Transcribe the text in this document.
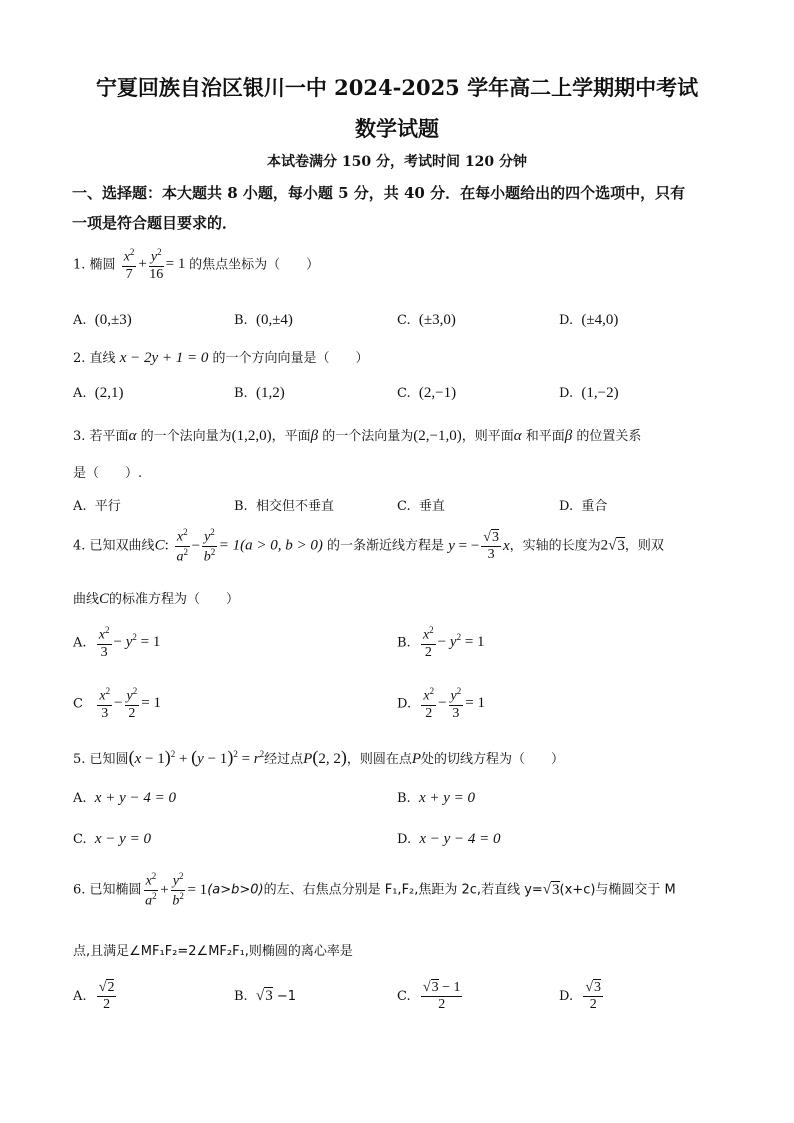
宁夏回族自治区银川一中 2024-2025 学年高二上学期期中考试
数学试题
本试卷满分 150 分，考试时间 120 分钟
一、选择题：本大题共 8 小题，每小题 5 分，共 40 分．在每小题给出的四个选项中，只有
一项是符合题目要求的．
1. 椭圆 $\frac{x^2}{7} + \frac{y^2}{16} = 1$ 的焦点坐标为（　　）
A. (0,±3)	B. (0,±4)	C. (±3,0)	D. (±4,0)
2. 直线 x − 2y + 1 = 0 的一个方向向量是（　　）
A. (2,1)	B. (1,2)	C. (2,−1)	D. (1,−2)
3. 若平面α 的一个法向量为(1,2,0)，平面β 的一个法向量为(2,−1,0)，则平面α 和平面β 的位置关系
是（　　）.
A. 平行	B. 相交但不垂直	C. 垂直	D. 重合
4. 已知双曲线C: $\frac{x^2}{a^2} - \frac{y^2}{b^2} = 1(a > 0$, b > 0) 的一条渐近线方程是 y = − $\frac{√3}{3}$ x，实轴的长度为2√3，则双
曲线C的标准方程为（　　）
A. $\frac{x^2}{3} - y^2 = 1$	B. $\frac{x^2}{2} - y^2 = 1$
C $\frac{x^2}{3} - \frac{y^2}{2} = 1$	D. $\frac{x^2}{2} - \frac{y^2}{3} = 1$
5. 已知圆$(x - 1)^2 + (y - 1)^2 = r^2$经过点P(2, 2)，则圆在点P处的切线方程为（　　）
A. x + y − 4 = 0	B. x + y = 0
C. x − y = 0	D. x − y − 4 = 0
6. 已知椭圆 $\frac{x^2}{a^2} + \frac{y^2}{b^2} = 1(a>b>0)$的左、右焦点分别是 F₁,F₂,焦距为 2c,若直线 y=√3(x+c)与椭圆交于 M
点,且满足∠MF₁F₂=2∠MF₂F₁,则椭圆的离心率是
A. $\frac{√2}{2}$	B. √3 −1	C. $\frac{√3 - 1}{2}$	D. $\frac{√3}{2}$
